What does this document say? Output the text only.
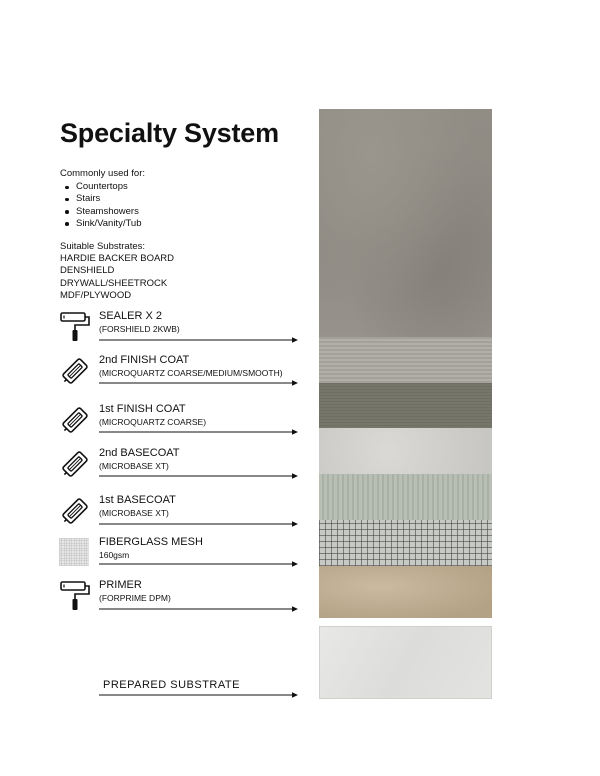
Specialty System
Commonly used for:
Countertops
Stairs
Steamshowers
Sink/Vanity/Tub
Suitable Substrates:
HARDIE BACKER BOARD
DENSHIELD
DRYWALL/SHEETROCK
MDF/PLYWOOD
SEALER X 2
(FORSHIELD 2KWB)
2nd FINISH COAT
(MICROQUARTZ COARSE/MEDIUM/SMOOTH)
1st FINISH COAT
(MICROQUARTZ COARSE)
2nd BASECOAT
(MICROBASE XT)
1st BASECOAT
(MICROBASE XT)
FIBERGLASS MESH
160gsm
PRIMER
(FORPRIME DPM)
PREPARED SUBSTRATE
